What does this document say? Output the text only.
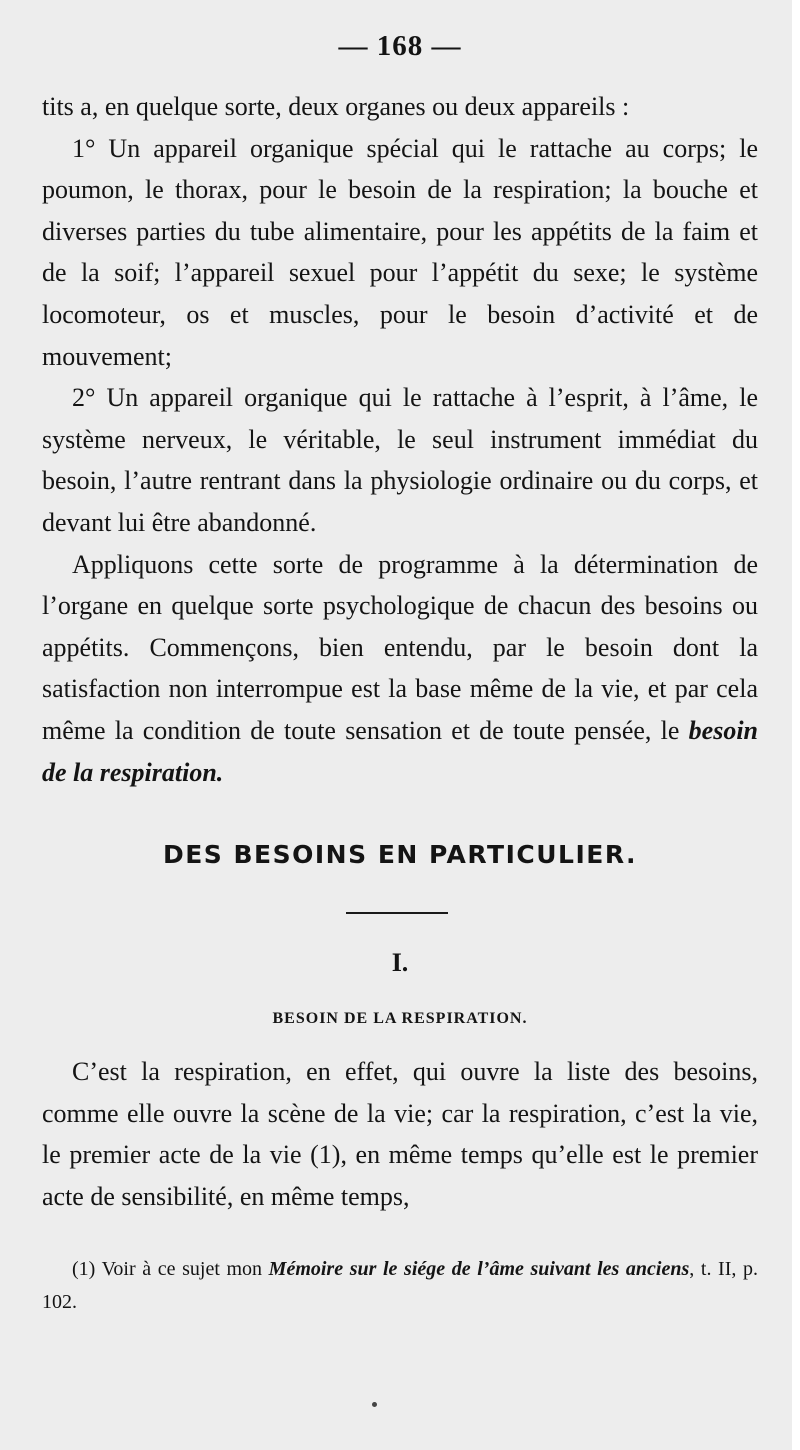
— 168 —

tits a, en quelque sorte, deux organes ou deux appareils :

1° Un appareil organique spécial qui le rattache au corps; le poumon, le thorax, pour le besoin de la respiration; la bouche et diverses parties du tube alimentaire, pour les appétits de la faim et de la soif; l’appareil sexuel pour l’appétit du sexe; le système locomoteur, os et muscles, pour le besoin d’activité et de mouvement;

2° Un appareil organique qui le rattache à l’esprit, à l’âme, le système nerveux, le véritable, le seul instrument immédiat du besoin, l’autre rentrant dans la physiologie ordinaire ou du corps, et devant lui être abandonné.

Appliquons cette sorte de programme à la détermination de l’organe en quelque sorte psychologique de chacun des besoins ou appétits. Commençons, bien entendu, par le besoin dont la satisfaction non interrompue est la base même de la vie, et par cela même la condition de toute sensation et de toute pensée, le besoin de la respiration.

DES BESOINS EN PARTICULIER.
I.
BESOIN DE LA RESPIRATION.

C’est la respiration, en effet, qui ouvre la liste des besoins, comme elle ouvre la scène de la vie; car la respiration, c’est la vie, le premier acte de la vie (1), en même temps qu’elle est le premier acte de sensibilité, en même temps,

(1) Voir à ce sujet mon Mémoire sur le siége de l’âme suivant les anciens, t. II, p. 102.
